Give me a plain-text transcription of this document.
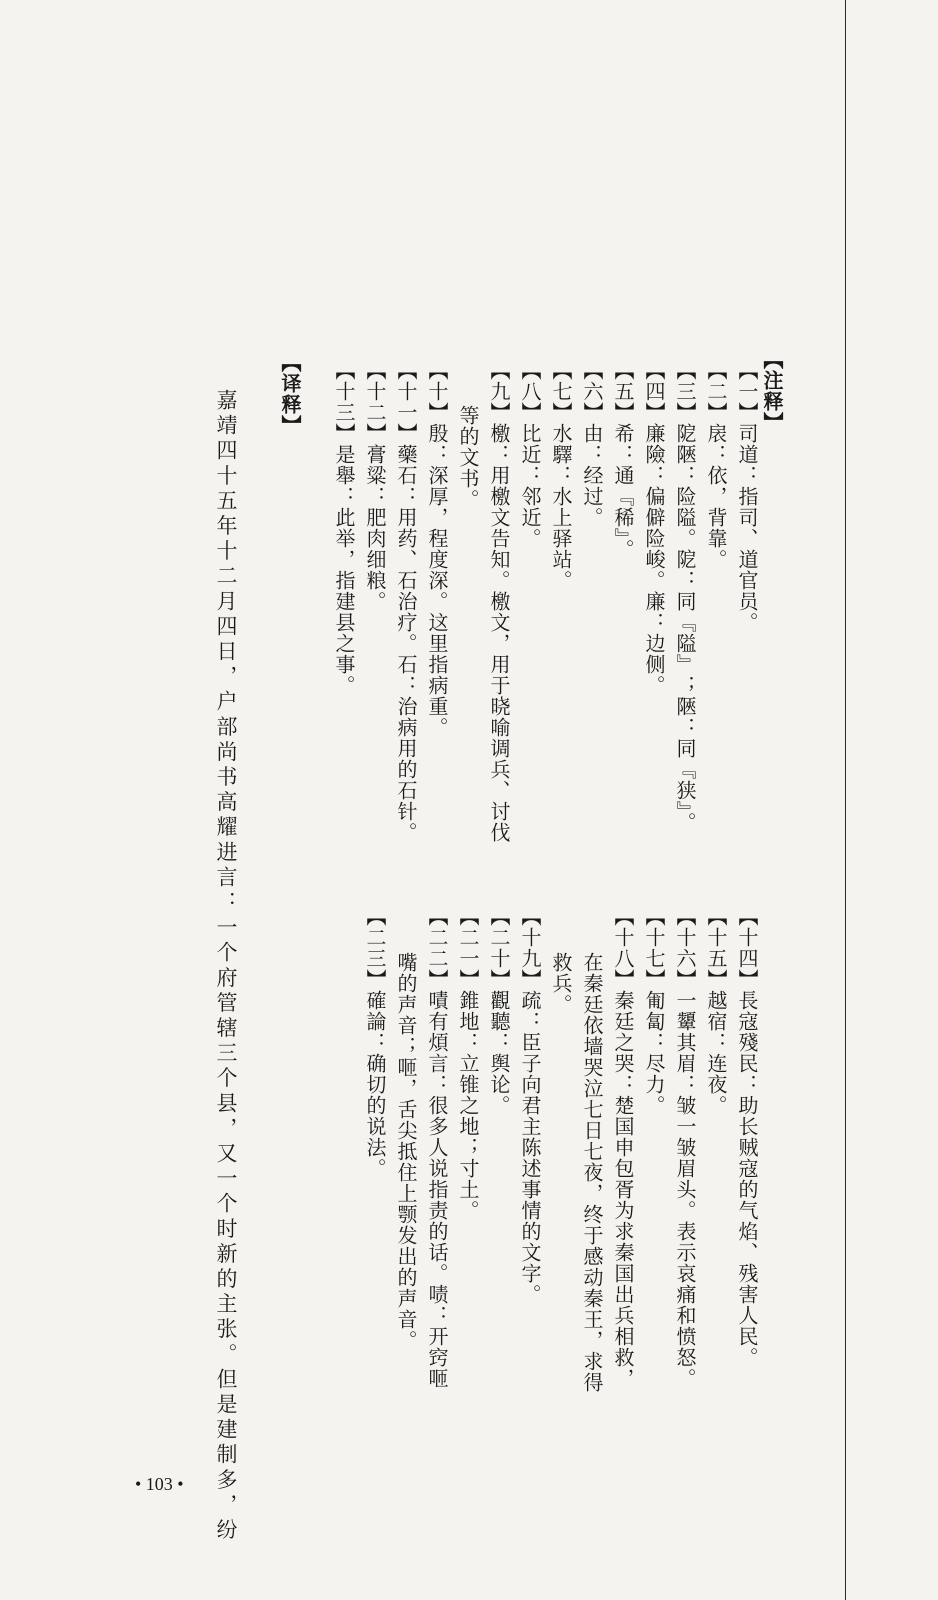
【注释】

【一】司道：指司、道官员。

【二】扆：依，背靠。

【三】阸陿：险隘。阸：同『隘』；陿：同『狭』。

【四】廉險：偏僻险峻。廉：边侧。

【五】希：通『稀』。

【六】由：经过。

【七】水驛：水上驿站。

【八】比近：邻近。

【九】檄：用檄文告知。檄文，用于晓喻调兵、讨伐

等的文书。

【十】殷：深厚，程度深。这里指病重。

【十一】藥石：用药、石治疗。石：治病用的石针。

【十二】膏粱：肥肉细粮。

【十三】是舉：此举，指建县之事。

【十四】長寇殘民：助长贼寇的气焰、残害人民。

【十五】越宿：连夜。

【十六】一顰其眉：皱一皱眉头。表示哀痛和愤怒。

【十七】匍匐：尽力。

【十八】秦廷之哭：楚国申包胥为求秦国出兵相救，

在秦廷依墙哭泣七日七夜，终于感动秦王，求得

救兵。

【十九】疏：臣子向君主陈述事情的文字。

【二十】觀聽：舆论。

【二一】錐地：立锥之地；寸土。

【二二】嘖有煩言：很多人说指责的话。啧：开窍咂

嘴的声音；咂，舌尖抵住上颚发出的声音。

【二三】確論：确切的说法。

【译释】

嘉靖四十五年十二月四日，户部尚书高耀进言：一个府管辖三个县，又一个时新的主张。但是建制多，纷

• 103 •
